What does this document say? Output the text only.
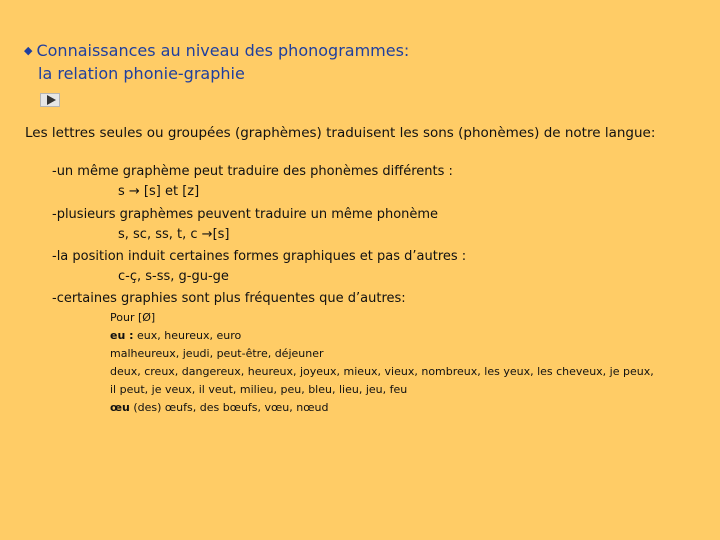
◆ Connaissances au niveau des phonogrammes:
la relation phonie-graphie
Les lettres seules ou groupées (graphèmes) traduisent les sons (phonèmes) de notre langue:
-un même graphème peut traduire des phonèmes différents :
s → [s] et [z]
-plusieurs graphèmes peuvent traduire un même phonème
s, sc, ss, t, c →[s]
-la position induit certaines formes graphiques et pas d’autres :
c-ç, s-ss, g-gu-ge
-certaines graphies sont plus fréquentes que d’autres:
Pour [Ø]
eu : eux, heureux, euro
malheureux, jeudi, peut-être, déjeuner
deux, creux, dangereux, heureux, joyeux, mieux, vieux, nombreux, les yeux, les cheveux, je peux,
il peut, je veux, il veut, milieu, peu, bleu, lieu, jeu, feu
œu (des) œufs, des bœufs, vœu, nœud
